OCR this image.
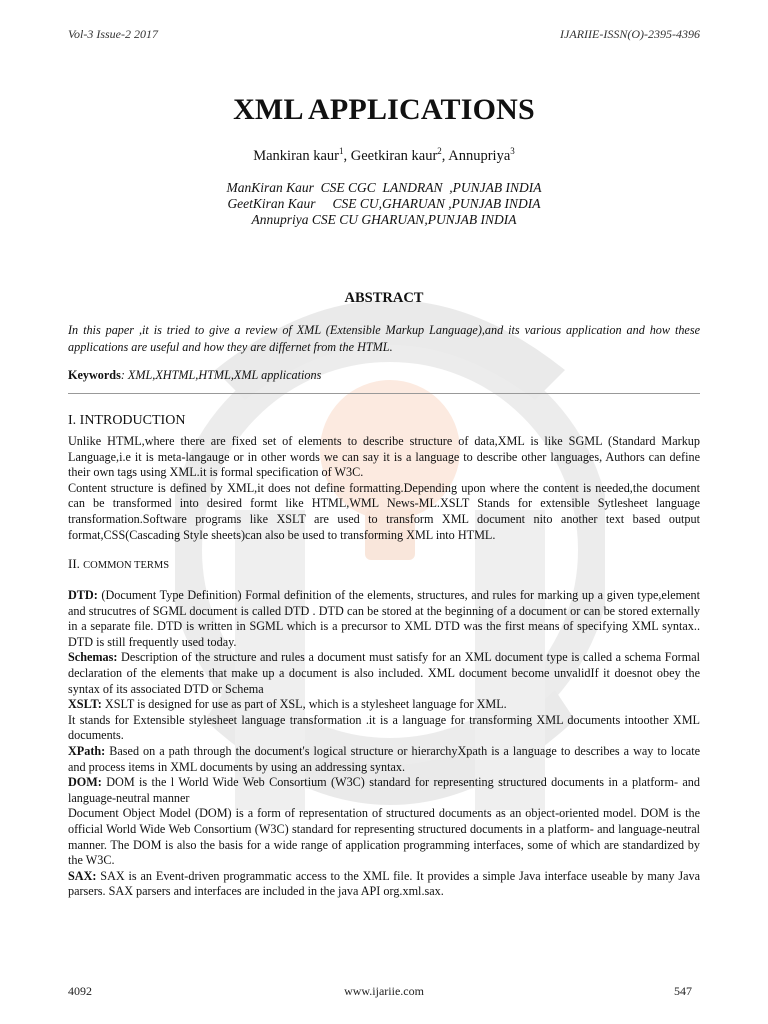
Vol-3 Issue-2 2017	IJARIIE-ISSN(O)-2395-4396
XML APPLICATIONS
Mankiran kaur$^1$, Geetkiran kaur$^2$, Annupriya$^3$
ManKiran Kaur  CSE CGC  LANDRAN  ,PUNJAB INDIA
GeetKiran Kaur     CSE CU,GHARUAN ,PUNJAB INDIA
Annupriya CSE CU GHARUAN,PUNJAB INDIA
ABSTRACT
In this paper ,it is tried to give a review of XML (Extensible Markup Language),and its various application and how these applications are useful and how they are differnet from the HTML.
Keywords: XML,XHTML,HTML,XML applications
I. INTRODUCTION

Unlike HTML,where there are fixed set of elements to describe structure of data,XML is like SGML (Standard Markup Language,i.e it is meta-langauge or in other words we can say it is a language to describe other languages, Authors can define their own tags using XML.it is formal specification of W3C.

Content structure is defined by XML,it does not define formatting.Depending upon where the content is needed,the document can be transformed into desired formt like HTML,WML News-ML.XSLT Stands for extensible Sytlesheet language transformation.Software programs like XSLT are used to transform XML document nito another text based output format,CSS(Cascading Style sheets)can also be used to transforming XML into HTML.

II. COMMON TERMS

DTD: (Document Type Definition) Formal definition of the elements, structures, and rules for marking up a given type,element and strucutres of SGML document is called DTD . DTD can be stored at the beginning of a document or can be stored externally in a separate file. DTD is written in SGML which is a precursor to XML DTD was the first means of specifying XML syntax.. DTD is still frequently used today.

Schemas: Description of the structure and rules a document must satisfy for an XML document type is called a schema Formal declaration of the elements that make up a document is also included. XML document become unvalidIf it doesnot obey the syntax of its associated DTD or Schema

XSLT: XSLT is designed for use as part of XSL, which is a stylesheet language for XML.

It stands for Extensible stylesheet language transformation .it is a language for transforming XML documents intoother XML documents.

XPath: Based on a path through the document's logical structure or hierarchyXpath is a language to describes a way to locate and process items in XML documents by using an addressing syntax.

DOM: DOM is the l World Wide Web Consortium (W3C) standard for representing structured documents in a platform- and language-neutral manner

Document Object Model (DOM) is a form of representation of structured documents as an object-oriented model. DOM is the official World Wide Web Consortium (W3C) standard for representing structured documents in a platform- and language-neutral manner. The DOM is also the basis for a wide range of application programming interfaces, some of which are standardized by the W3C.

SAX: SAX is an Event-driven programmatic access to the XML file. It provides a simple Java interface useable by many Java parsers. SAX parsers and interfaces are included in the java API org.xml.sax.

4092	www.ijariie.com	547
